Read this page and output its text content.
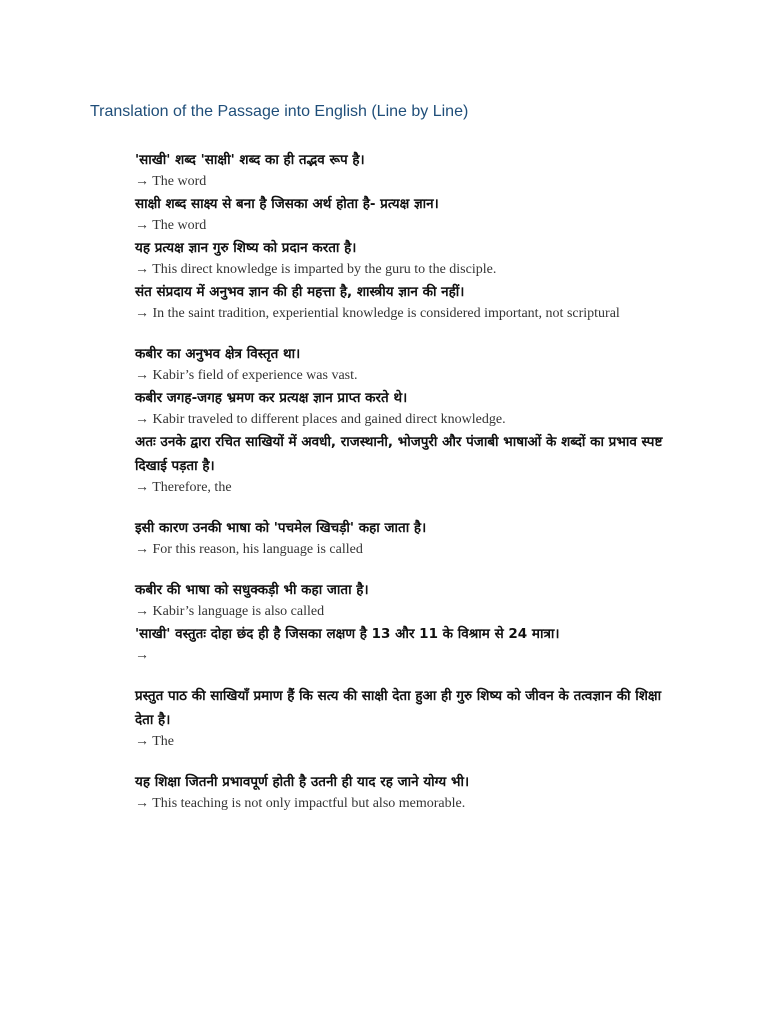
Translation of the Passage into English (Line by Line)

'साखी' शब्द 'साक्षी' शब्द का ही तद्भव रूप है।

→ The word

साक्षी शब्द साक्ष्य से बना है जिसका अर्थ होता है- प्रत्यक्ष ज्ञान।

→ The word

यह प्रत्यक्ष ज्ञान गुरु शिष्य को प्रदान करता है।

→ This direct knowledge is imparted by the guru to the disciple.

संत संप्रदाय में अनुभव ज्ञान की ही महत्ता है, शास्त्रीय ज्ञान की नहीं।

→ In the saint tradition, experiential knowledge is considered important, not scriptural

कबीर का अनुभव क्षेत्र विस्तृत था।

→ Kabir’s field of experience was vast.

कबीर जगह-जगह भ्रमण कर प्रत्यक्ष ज्ञान प्राप्त करते थे।

→ Kabir traveled to different places and gained direct knowledge.

अतः उनके द्वारा रचित साखियों में अवधी, राजस्थानी, भोजपुरी और पंजाबी भाषाओं के शब्दों का प्रभाव स्पष्ट दिखाई पड़ता है।

→ Therefore, the

इसी कारण उनकी भाषा को 'पचमेल खिचड़ी' कहा जाता है।

→ For this reason, his language is called

कबीर की भाषा को सधुक्कड़ी भी कहा जाता है।

→ Kabir’s language is also called

'साखी' वस्तुतः दोहा छंद ही है जिसका लक्षण है 13 और 11 के विश्राम से 24 मात्रा।

→

प्रस्तुत पाठ की साखियाँ प्रमाण हैं कि सत्य की साक्षी देता हुआ ही गुरु शिष्य को जीवन के तत्वज्ञान की शिक्षा देता है।

→ The

यह शिक्षा जितनी प्रभावपूर्ण होती है उतनी ही याद रह जाने योग्य भी।

→ This teaching is not only impactful but also memorable.
